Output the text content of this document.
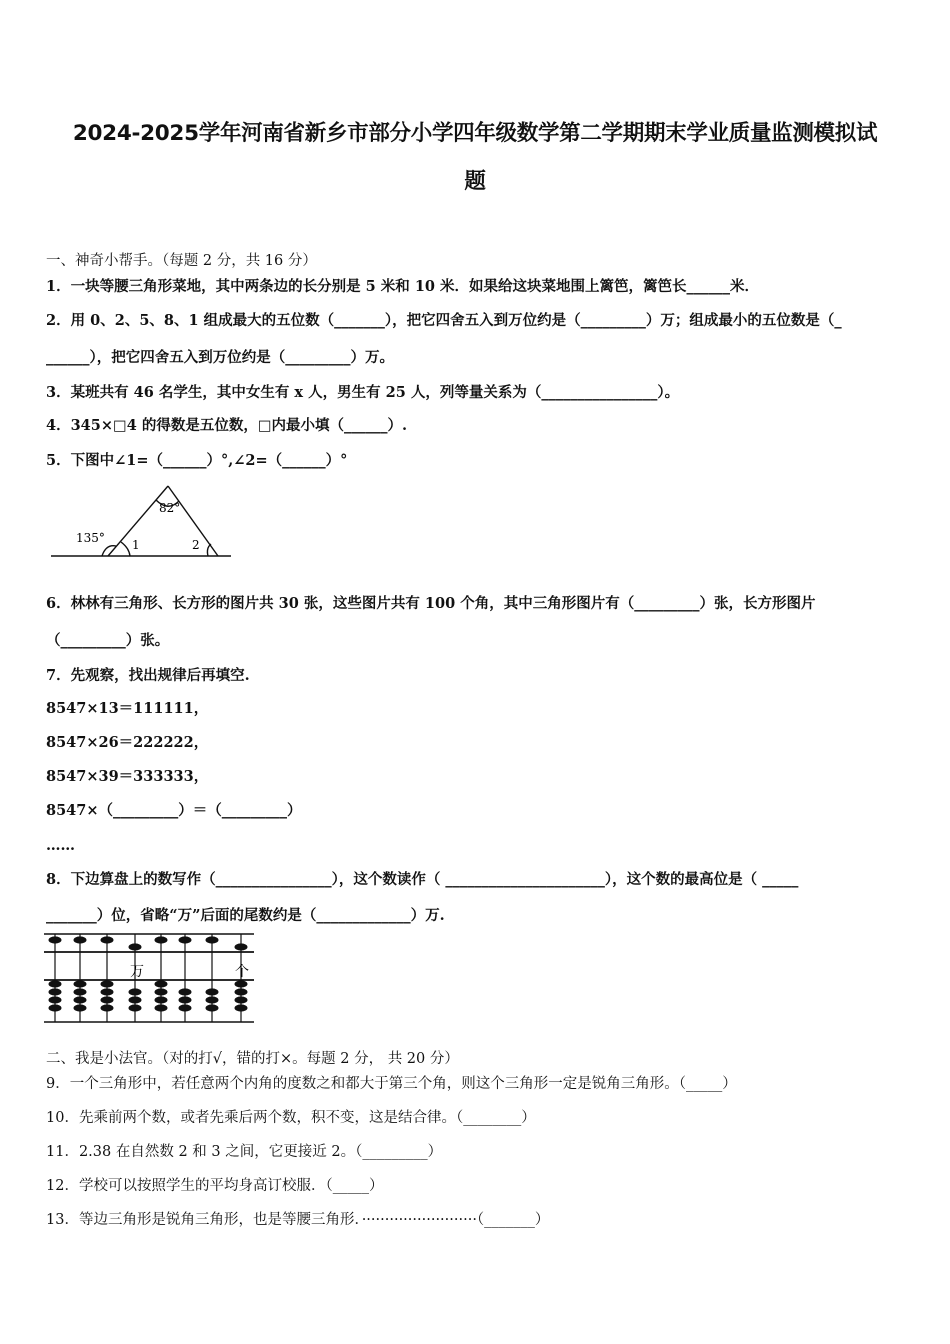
2024-2025学年河南省新乡市部分小学四年级数学第二学期期末学业质量监测模拟试
题
一、神奇小帮手。（每题 2 分，共 16 分）
1．一块等腰三角形菜地，其中两条边的长分别是 5 米和 10 米．如果给这块菜地围上篱笆，篱笆长______米．
2．用 0、2、5、8、1 组成最大的五位数（_______），把它四舍五入到万位约是（_________）万；组成最小的五位数是（_
______），把它四舍五入到万位约是（_________）万。
3．某班共有 46 名学生，其中女生有 x 人，男生有 25 人，列等量关系为（________________）。
4．345×□4 的得数是五位数，□内最小填（______）.
5．下图中∠1=（______）°,∠2=（______）°
82°
135° 1	2
6．林林有三角形、长方形的图片共 30 张，这些图片共有 100 个角，其中三角形图片有（_________）张，长方形图片
（_________）张。
7．先观察，找出规律后再填空.
8547×13＝111111，
8547×26＝222222，
8547×39＝333333，
8547×（_________）＝（_________）
……
8．下边算盘上的数写作（________________），这个数读作（ ______________________），这个数的最高位是（ _____
_______）位，省略“万”后面的尾数约是（_____________）万.
万	个
二、我是小法官。（对的打√，错的打×。每题 2 分， 共 20 分）
9．一个三角形中，若任意两个内角的度数之和都大于第三个角，则这个三角形一定是锐角三角形。（_____）
10．先乘前两个数，或者先乘后两个数，积不变，这是结合律。（________）
11．2.38 在自然数 2 和 3 之间，它更接近 2。（_________）
12．学校可以按照学生的平均身高订校服．（_____）
13．等边三角形是锐角三角形，也是等腰三角形．·························（_______）
